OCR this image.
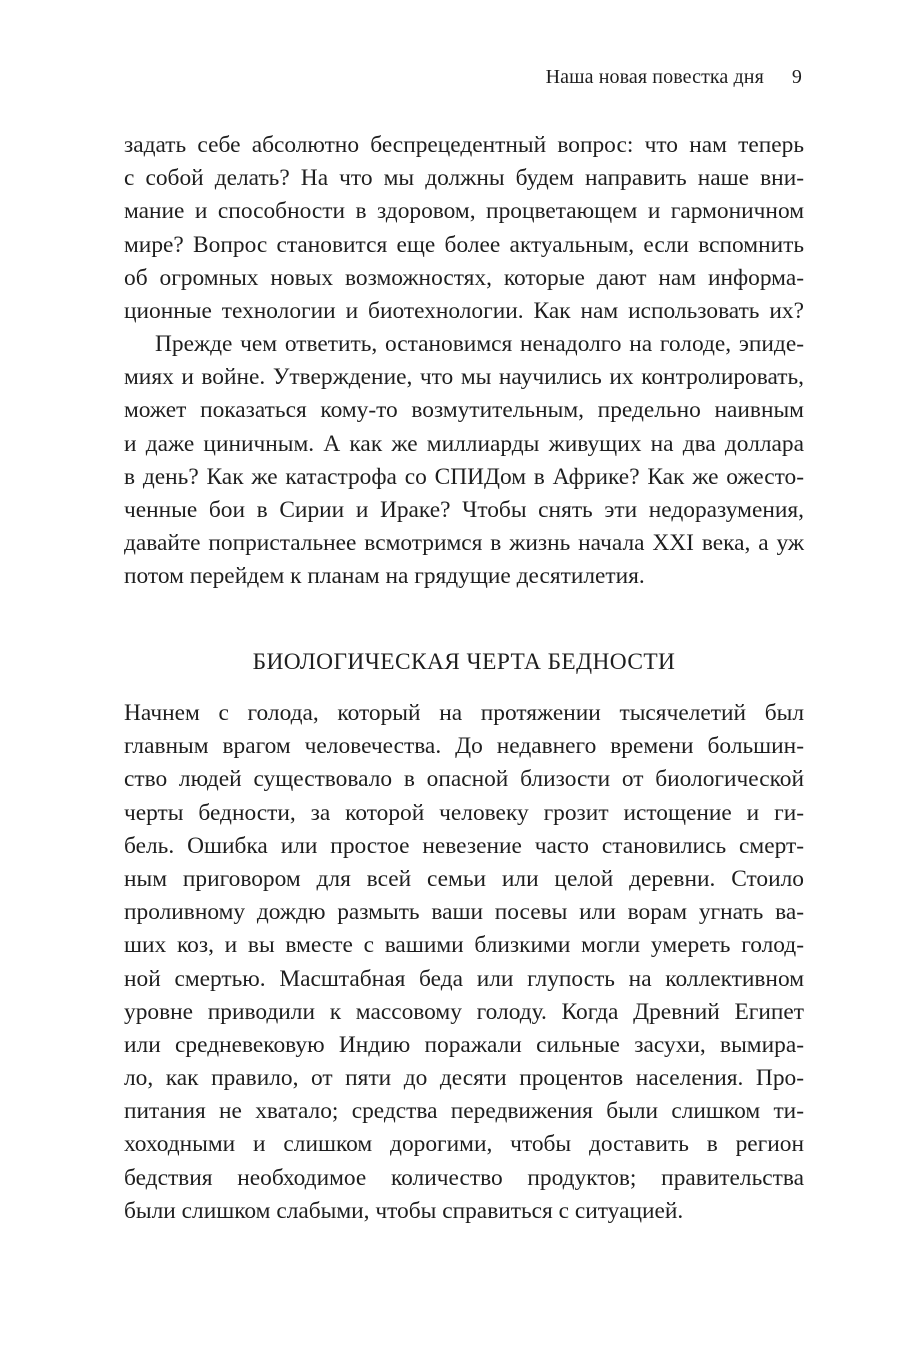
Наша новая повестка дня 9
задать себе абсолютно беспрецедентный вопрос: что нам теперь
с собой делать? На что мы должны будем направить наше вни-
мание и способности в здоровом, процветающем и гармоничном
мире? Вопрос становится еще более актуальным, если вспомнить
об огромных новых возможностях, которые дают нам информа-
ционные технологии и биотехнологии. Как нам использовать их?
Прежде чем ответить, остановимся ненадолго на голоде, эпиде-
миях и войне. Утверждение, что мы научились их контролировать,
может показаться кому-то возмутительным, предельно наивным
и даже циничным. А как же миллиарды живущих на два доллара
в день? Как же катастрофа со СПИДом в Африке? Как же ожесто-
ченные бои в Сирии и Ираке? Чтобы снять эти недоразумения,
давайте попристальнее всмотримся в жизнь начала XXI века, а уж
потом перейдем к планам на грядущие десятилетия.
БИОЛОГИЧЕСКАЯ ЧЕРТА БЕДНОСТИ
Начнем с голода, который на протяжении тысячелетий был
главным врагом человечества. До недавнего времени большин-
ство людей существовало в опасной близости от биологической
черты бедности, за которой человеку грозит истощение и ги-
бель. Ошибка или простое невезение часто становились смерт-
ным приговором для всей семьи или целой деревни. Стоило
проливному дождю размыть ваши посевы или ворам угнать ва-
ших коз, и вы вместе с вашими близкими могли умереть голод-
ной смертью. Масштабная беда или глупость на коллективном
уровне приводили к массовому голоду. Когда Древний Египет
или средневековую Индию поражали сильные засухи, вымира-
ло, как правило, от пяти до десяти процентов населения. Про-
питания не хватало; средства передвижения были слишком ти-
хоходными и слишком дорогими, чтобы доставить в регион
бедствия необходимое количество продуктов; правительства
были слишком слабыми, чтобы справиться с ситуацией.
